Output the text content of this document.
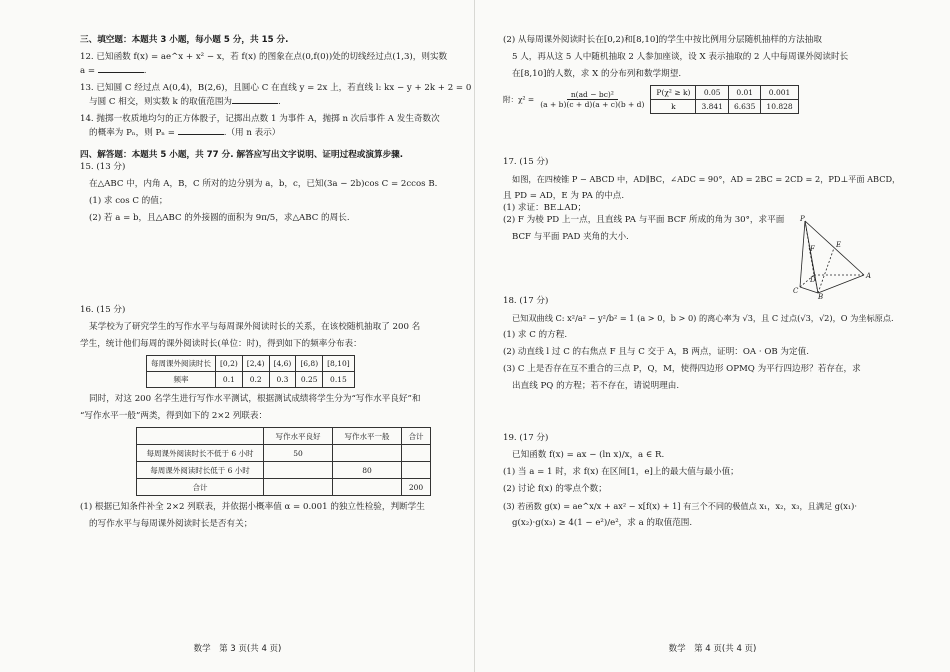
三、填空题：本题共 3 小题，每小题 5 分，共 15 分.
12. 已知函数 f(x) = ae^x + x² − x，若 f(x) 的图象在点(0,f(0))处的切线经过点(1,3)，则实数
a =	.
13. 已知圆 C 经过点 A(0,4)，B(2,6)，且圆心 C 在直线 y = 2x 上，若直线 l: kx − y + 2k + 2 = 0
与圆 C 相交，则实数 k 的取值范围为	.
14. 抛掷一枚质地均匀的正方体骰子，记掷出点数 1 为事件 A，抛掷 n 次后事件 A 发生奇数次
的概率为 Pₙ，则 Pₙ =	.（用 n 表示）
四、解答题：本题共 5 小题，共 77 分. 解答应写出文字说明、证明过程或演算步骤.
15. (13 分)
在△ABC 中，内角 A，B，C 所对的边分别为 a，b，c，已知(3a − 2b)cos C = 2ccos B.
(1) 求 cos C 的值；
(2) 若 a = b，且△ABC 的外接圆的面积为 9π/5，求△ABC 的周长.
16. (15 分)
某学校为了研究学生的写作水平与每周课外阅读时长的关系，在该校随机抽取了 200 名
学生，统计他们每周的课外阅读时长(单位：时)，得到如下的频率分布表：
每周课外阅读时长	[0,2)	[2,4)	[4,6)	[6,8)	[8,10]
频率	0.1	0.2	0.3	0.25	0.15
同时，对这 200 名学生进行写作水平测试，根据测试成绩将学生分为“写作水平良好”和
“写作水平一般”两类，得到如下的 2×2 列联表：
	写作水平良好	写作水平一般	合计
每周课外阅读时长不低于 6 小时	50		
每周课外阅读时长低于 6 小时		80	
合计			200
(1) 根据已知条件补全 2×2 列联表，并依据小概率值 α = 0.001 的独立性检验，判断学生
的写作水平与每周课外阅读时长是否有关；
数学　第 3 页(共 4 页)
(2) 从每周课外阅读时长在[0,2)和[8,10]的学生中按比例用分层随机抽样的方法抽取
5 人，再从这 5 人中随机抽取 2 人参加座谈，设 X 表示抽取的 2 人中每周课外阅读时长
在[8,10]的人数，求 X 的分布列和数学期望.
附：$\chi^2 = \frac{\text{n(ad − bc)²}}{(a + b)(c + d)(a + c)(b + d)} P(\chi^2 \ge k)$	0.05	0.01	0.001
k	3.841	6.635	10.828
17. (15 分)
如图，在四棱锥 P − ABCD 中，AD∥BC，∠ADC = 90°，AD = 2BC = 2CD = 2，PD⊥平面 ABCD，
且 PD = AD，E 为 PA 的中点.
(1) 求证：BE⊥AD；
(2) F 为棱 PD 上一点，且直线 PA 与平面 BCF 所成的角为 30°，求平面
BCF 与平面 PAD 夹角的大小.
18. (17 分)
已知双曲线 C: x²/a² − y²/b² = 1 (a > 0，b > 0) 的离心率为 √3，且 C 过点(√3，√2)，O 为坐标原点.
(1) 求 C 的方程.
(2) 动直线 l 过 C 的右焦点 F 且与 C 交于 A，B 两点，证明：OA · OB 为定值.
(3) C 上是否存在互不重合的三点 P，Q，M，使得四边形 OPMQ 为平行四边形？若存在，求
出直线 PQ 的方程；若不存在，请说明理由.
19. (17 分)
已知函数 f(x) = ax − (ln x)/x，a ∈ R.
(1) 当 a = 1 时，求 f(x) 在区间[1，e]上的最大值与最小值；
(2) 讨论 f(x) 的零点个数；
(3) 若函数 g(x) = ae^x/x + ax² − x[f(x) + 1] 有三个不同的极值点 x₁，x₂，x₃，且满足 g(x₁)·
g(x₂)·g(x₃) ≥ 4(1 − e²)/e²，求 a 的取值范围.
数学　第 4 页(共 4 页)
P
E
F
D	A
C
B
